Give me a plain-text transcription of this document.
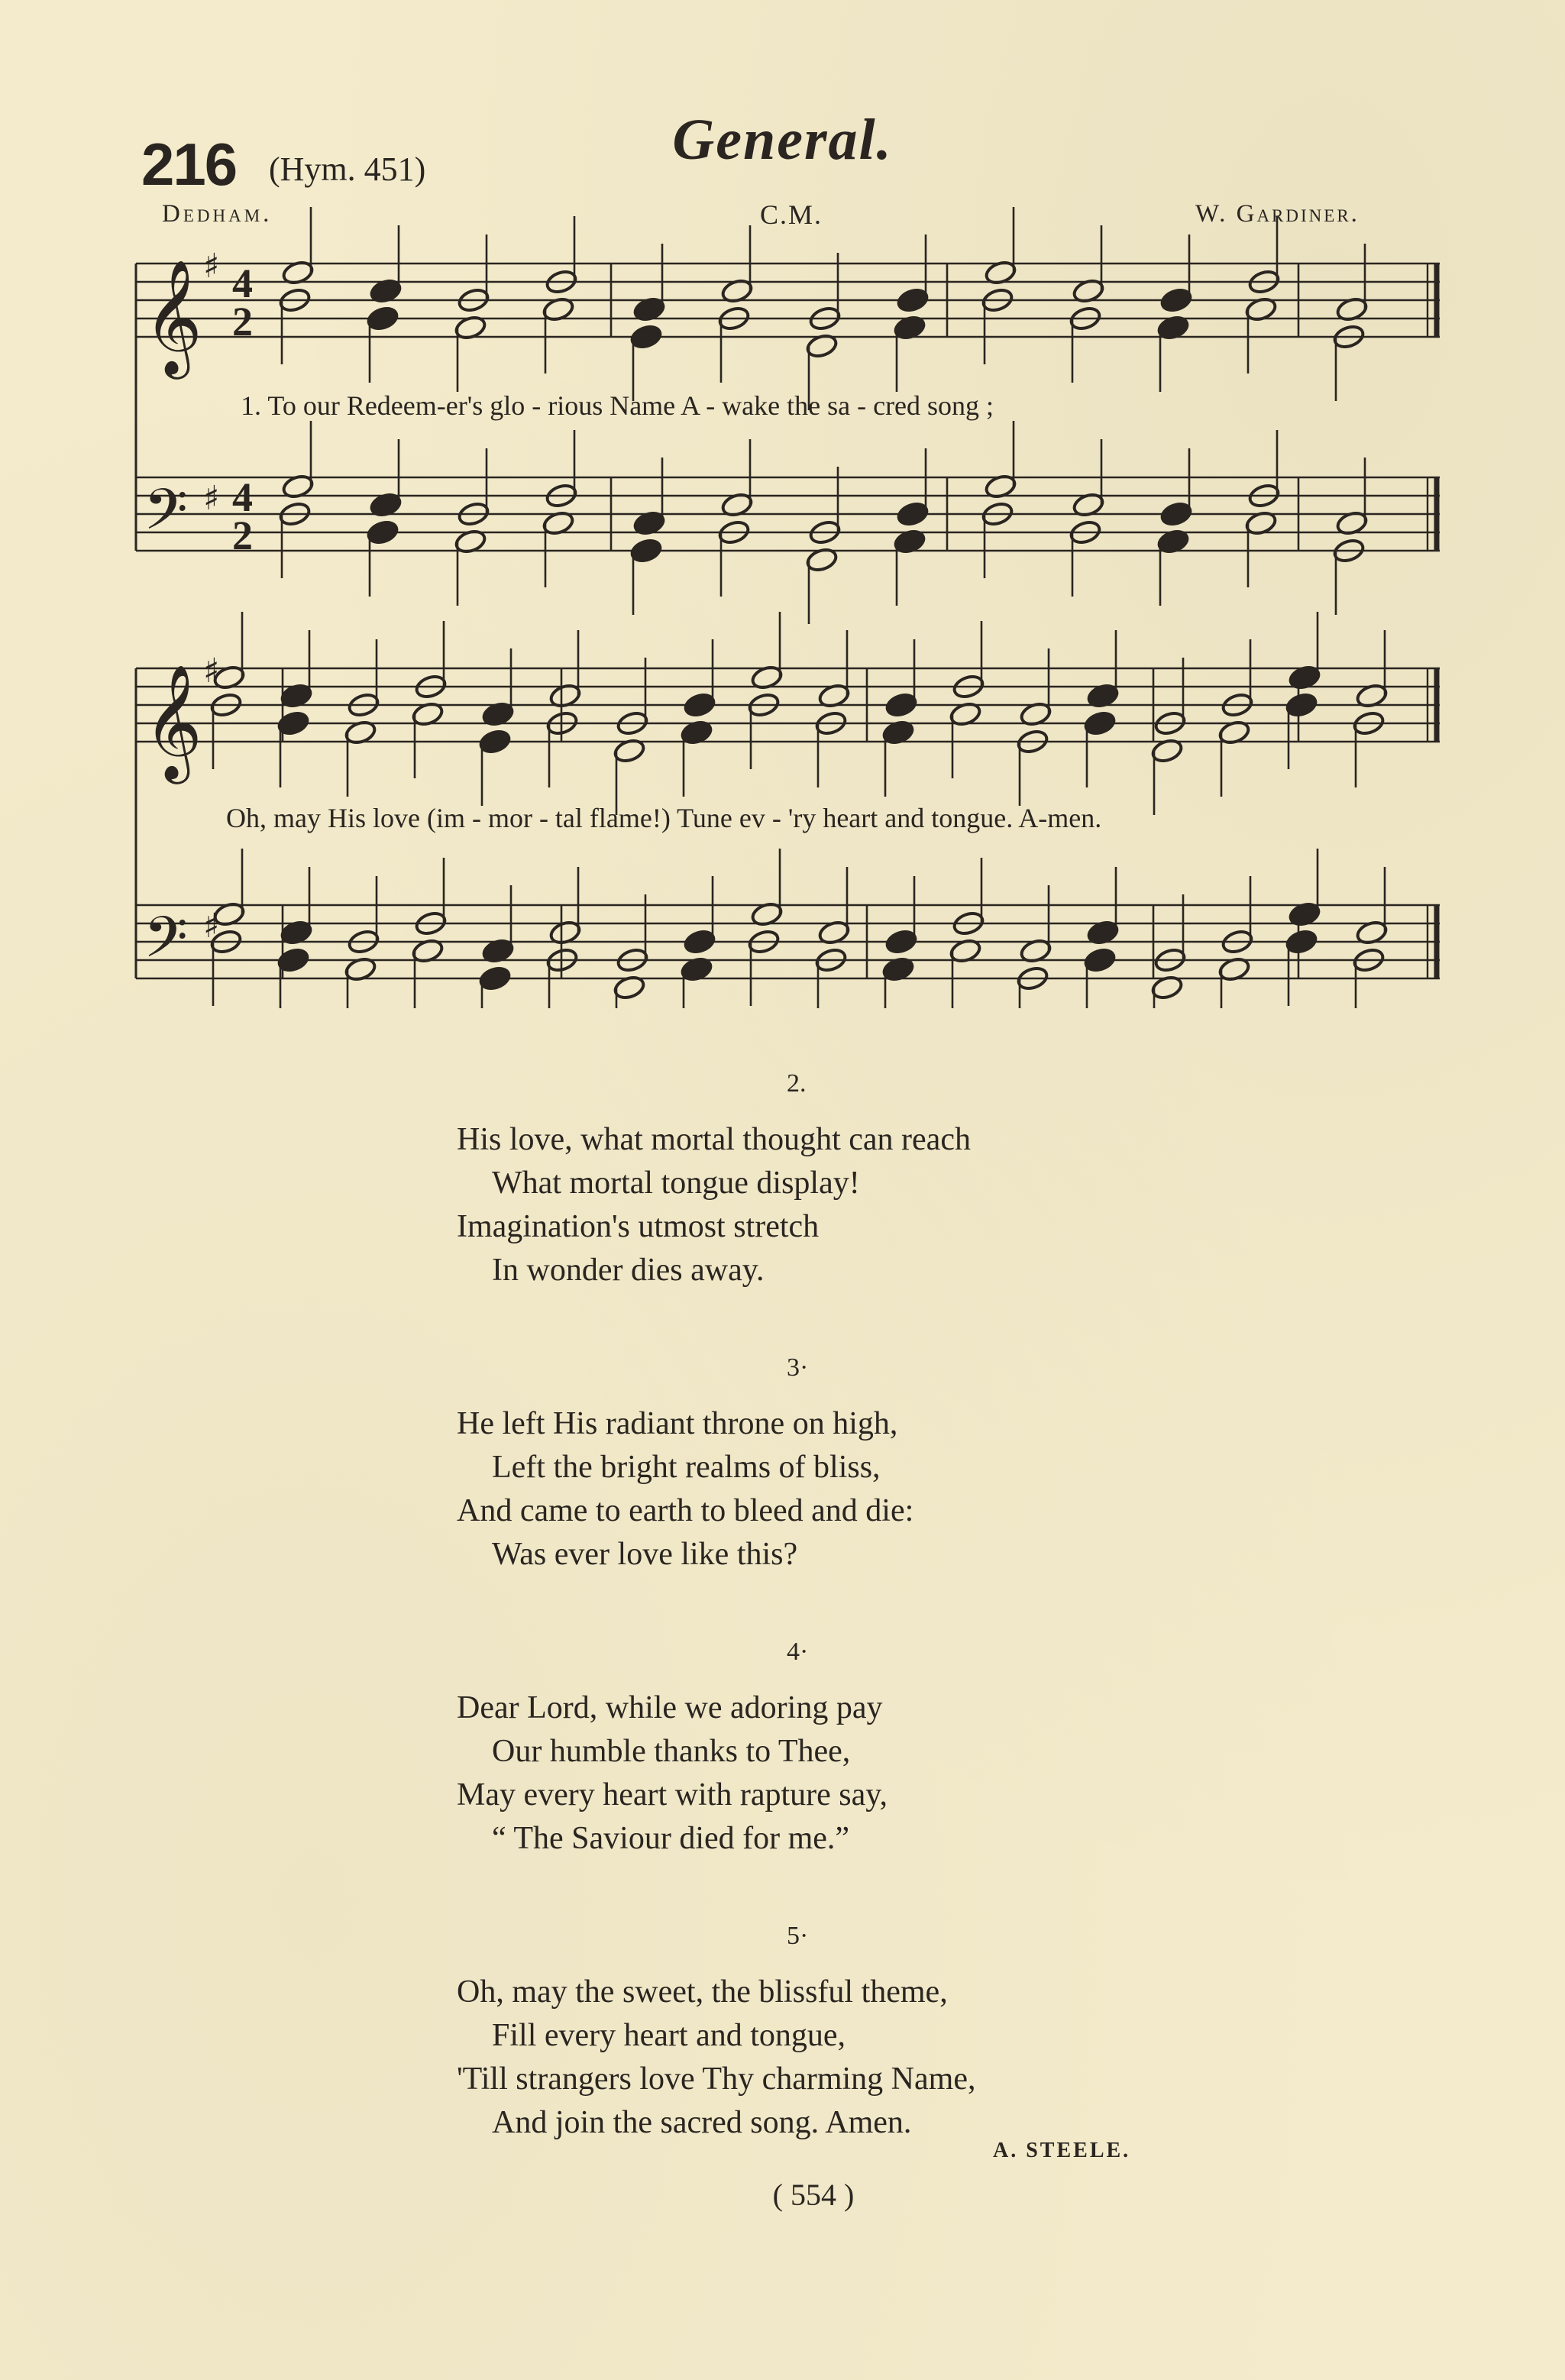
216 (Hym. 451)	General.
Dedham.	C.M.	W. Gardiner.
𝄞 ♯ 4
2
𝄢 ♯ 4
2
𝄞 ♯
𝄢 ♯
1. To our Redeem-er's glo - rious Name A - wake the sa - cred song ;
Oh, may His love (im - mor - tal flame!) Tune ev - 'ry heart and tongue. A-men.
2.
His love, what mortal thought can reach
What mortal tongue display!
Imagination's utmost stretch
In wonder dies away.
3·
He left His radiant throne on high,
Left the bright realms of bliss,
And came to earth to bleed and die:
Was ever love like this?
4·
Dear Lord, while we adoring pay
Our humble thanks to Thee,
May every heart with rapture say,
“ The Saviour died for me.”
5·
Oh, may the sweet, the blissful theme,
Fill every heart and tongue,
'Till strangers love Thy charming Name,
And join the sacred song. Amen.
A. STEELE.
( 554 )
